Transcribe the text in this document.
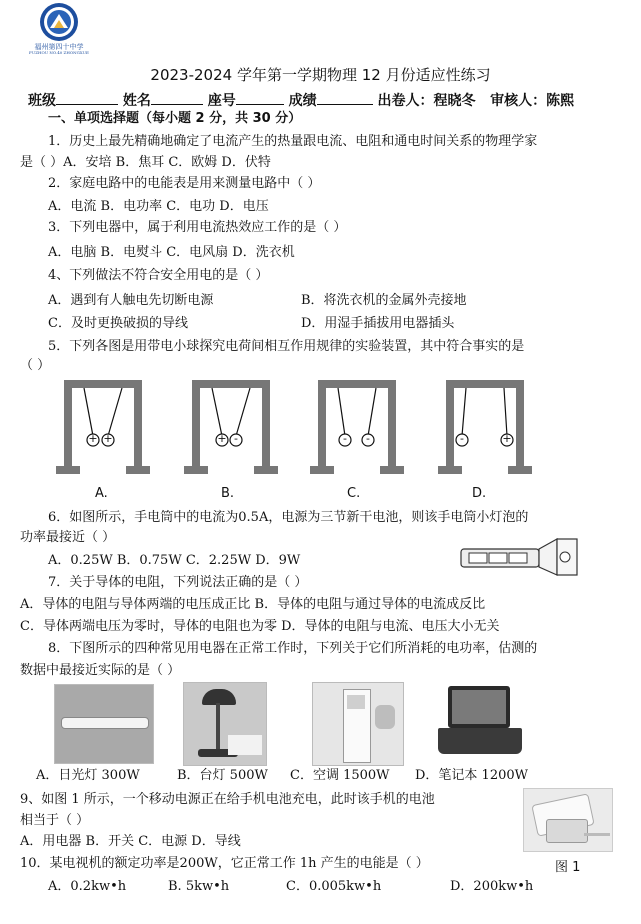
福州第四十中学
FUZHOU NO.40 ZHONGXUE
2023-2024 学年第一学期物理 12 月份适应性练习
班级	姓名	座号	成绩	出卷人：程晓冬 审核人：陈熙
一、单项选择题（每小题 2 分，共 30 分）
1．历史上最先精确地确定了电流产生的热量跟电流、电阻和通电时间关系的物理学家
是（ ）A．安培 B．焦耳 C．欧姆 D．伏特
2．家庭电路中的电能表是用来测量电路中（ ）
A．电流 B．电功率 C．电功 D．电压
3．下列电器中，属于利用电流热效应工作的是（ ）
A．电脑 B．电熨斗 C．电风扇 D．洗衣机
4、下列做法不符合安全用电的是（ ）
A．遇到有人触电先切断电源	B．将洗衣机的金属外壳接地
C．及时更换破损的导线	D．用湿手插拔用电器插头
5．下列各图是用带电小球探究电荷间相互作用规律的实验装置，其中符合事实的是
（ ）
+ +	+ -	- -	-	+
A.	B.	C.	D.
6．如图所示，手电筒中的电流为0.5A，电源为三节新干电池，则该手电筒小灯泡的
功率最接近（ ）
A．0.25W B．0.75W C．2.25W D．9W
7．关于导体的电阻，下列说法正确的是（ ）
A．导体的电阻与导体两端的电压成正比 B．导体的电阻与通过导体的电流成反比
C．导体两端电压为零时，导体的电阻也为零 D．导体的电阻与电流、电压大小无关
8．下图所示的四种常见用电器在正常工作时，下列关于它们所消耗的电功率，估测的
数据中最接近实际的是（ ）
A．日光灯 300W	B．台灯 500W C．空调 1500W D．笔记本 1200W
9、如图 1 所示，一个移动电源正在给手机电池充电，此时该手机的电池
相当于（ ）
A．用电器 B．开关 C．电源 D．导线
图 1
10．某电视机的额定功率是200W，它正常工作 1h 产生的电能是（ ）
A．0.2kw•h	B. 5kw•h	C．0.005kw•h	D．200kw•h
